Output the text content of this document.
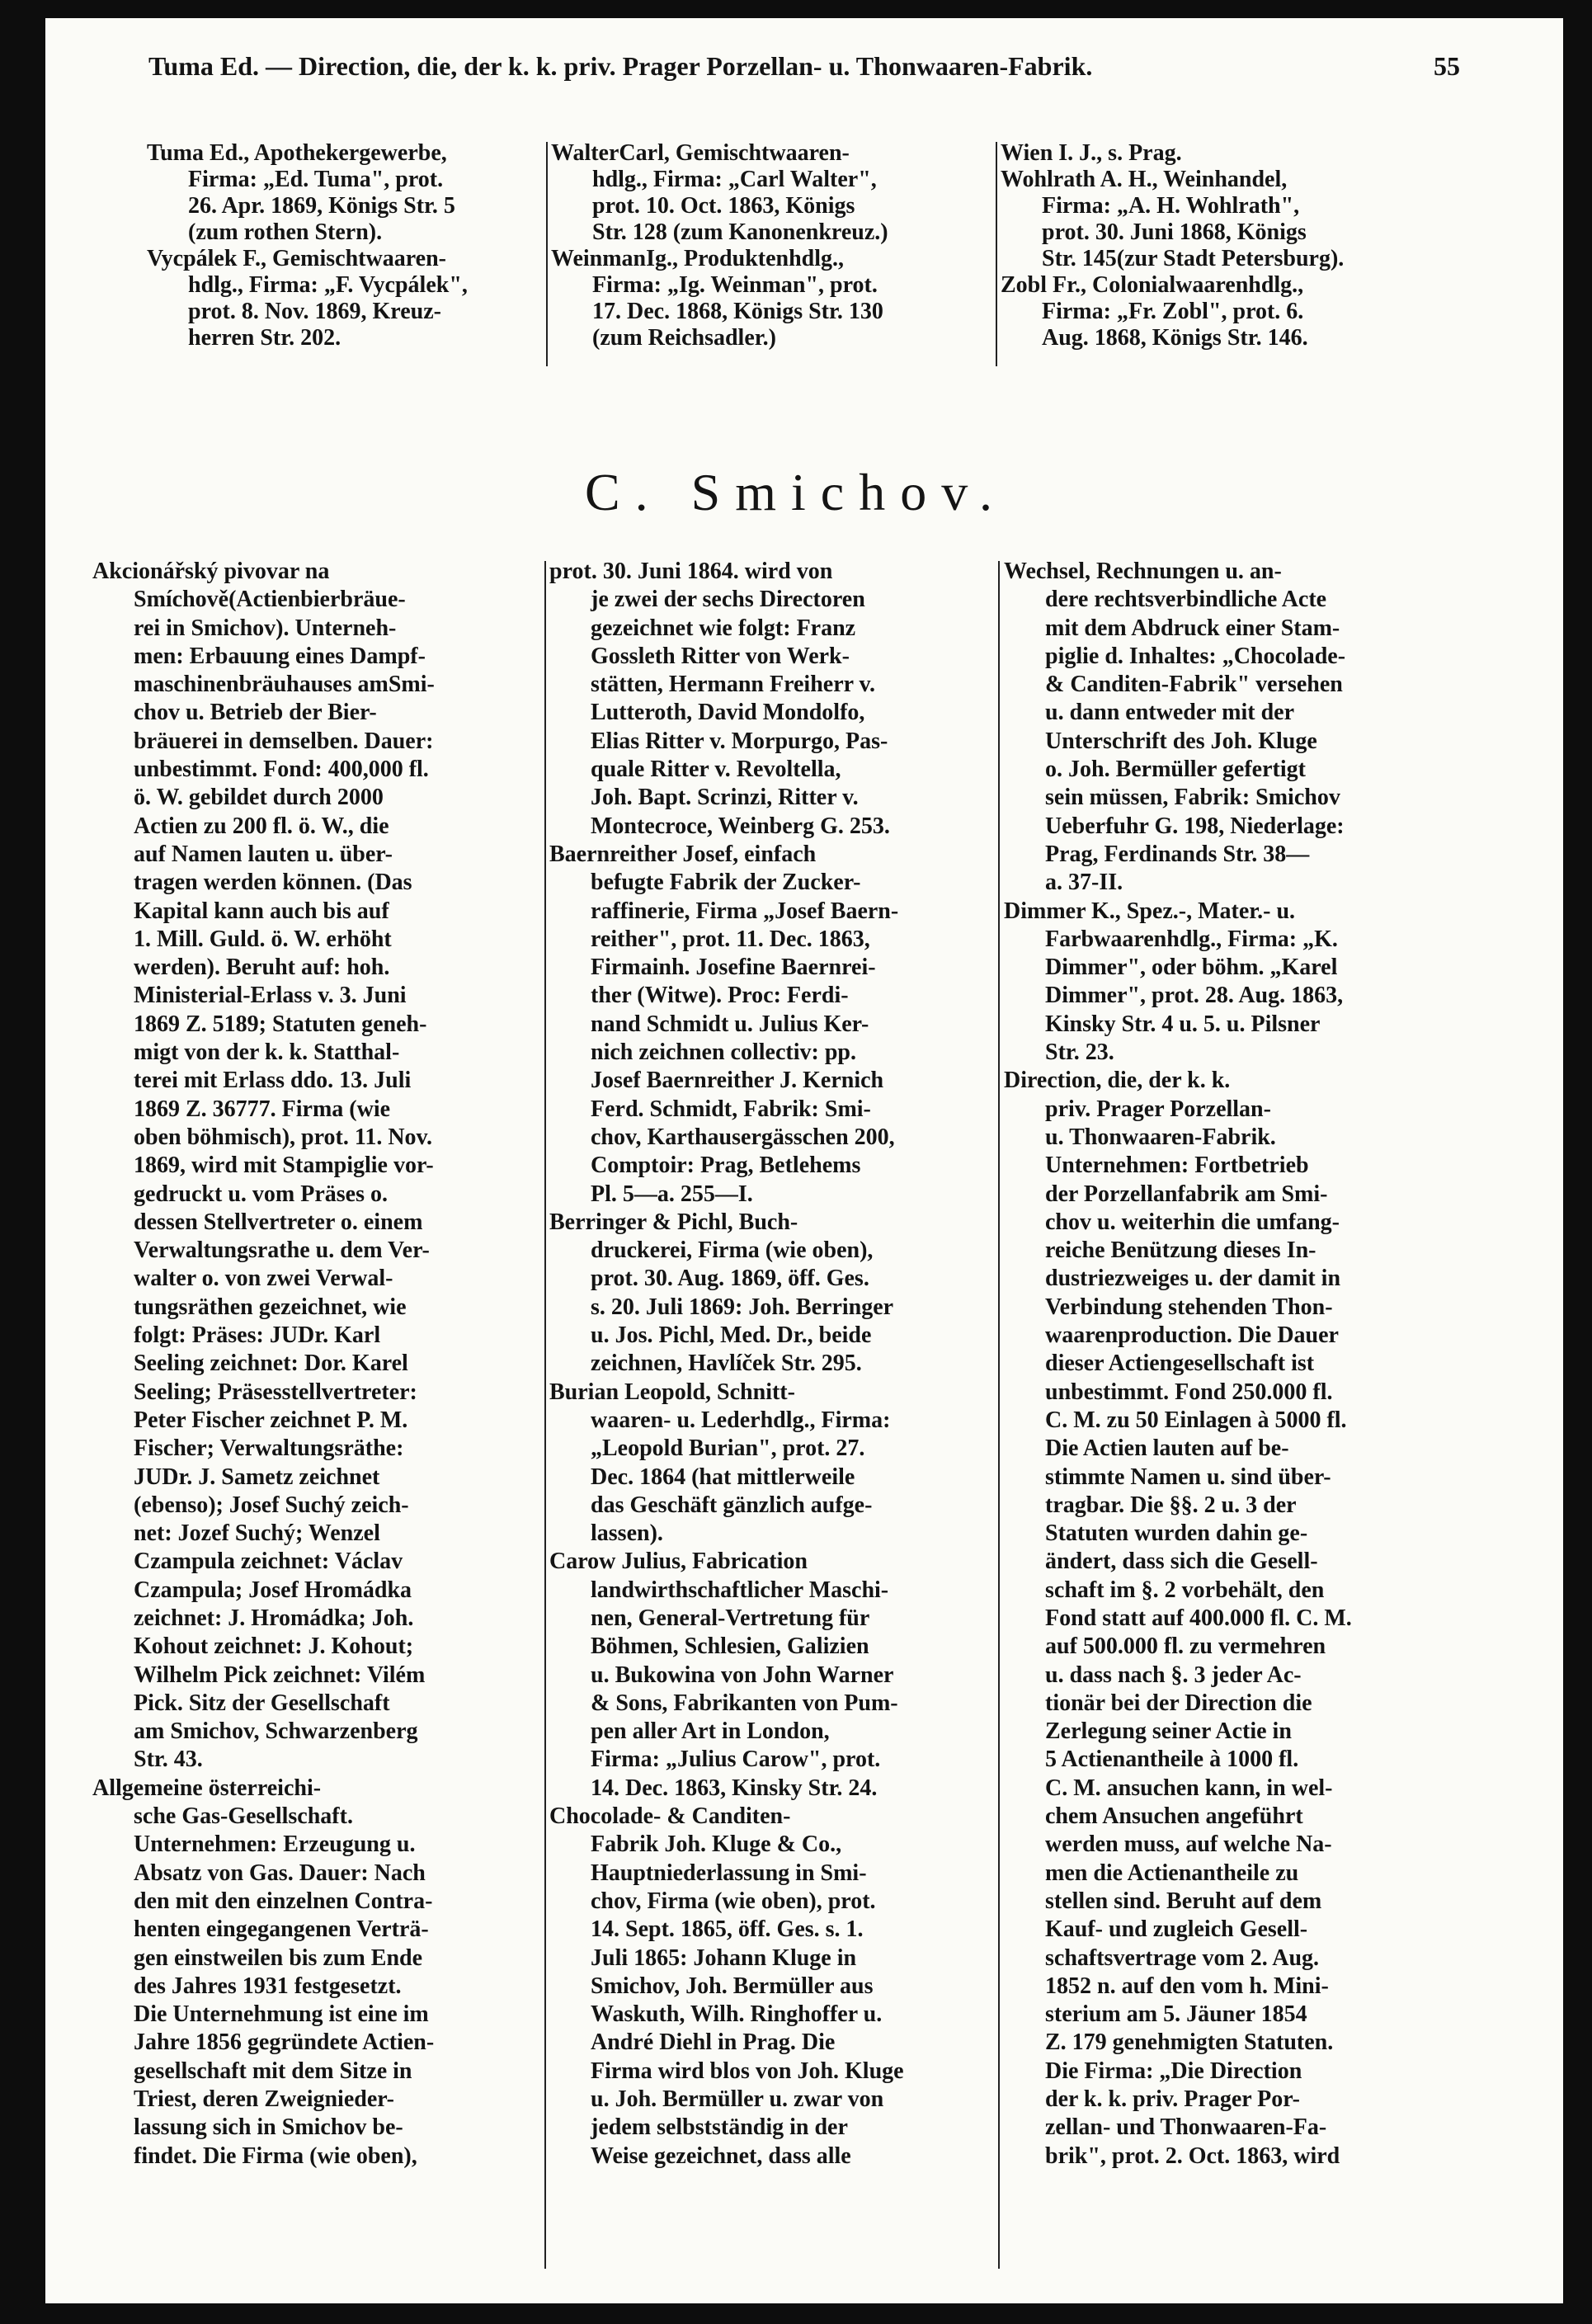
Tuma Ed. — Direction, die, der k. k. priv. Prager Porzellan- u. Thonwaaren-Fabrik.	55
Tuma Ed., Apothekergewerbe,
Firma: „Ed. Tuma", prot.
26. Apr. 1869, Königs Str. 5
(zum rothen Stern).
Vycpálek F., Gemischtwaaren-
hdlg., Firma: „F. Vycpálek",
prot. 8. Nov. 1869, Kreuz-
herren Str. 202.
WalterCarl, Gemischtwaaren-
hdlg., Firma: „Carl Walter",
prot. 10. Oct. 1863, Königs
Str. 128 (zum Kanonenkreuz.)
WeinmanIg., Produktenhdlg.,
Firma: „Ig. Weinman", prot.
17. Dec. 1868, Königs Str. 130
(zum Reichsadler.)
Wien I. J., s. Prag.
Wohlrath A. H., Weinhandel,
Firma: „A. H. Wohlrath",
prot. 30. Juni 1868, Königs
Str. 145(zur Stadt Petersburg).
Zobl Fr., Colonialwaarenhdlg.,
Firma: „Fr. Zobl", prot. 6.
Aug. 1868, Königs Str. 146.
C. Smichov.
Akcionářský pivovar na
Smíchově(Actienbierbräue-
rei in Smichov). Unterneh-
men: Erbauung eines Dampf-
maschinenbräuhauses amSmi-
chov u. Betrieb der Bier-
bräuerei in demselben. Dauer:
unbestimmt. Fond: 400,000 fl.
ö. W. gebildet durch 2000
Actien zu 200 fl. ö. W., die
auf Namen lauten u. über-
tragen werden können. (Das
Kapital kann auch bis auf
1. Mill. Guld. ö. W. erhöht
werden). Beruht auf: hoh.
Ministerial-Erlass v. 3. Juni
1869 Z. 5189; Statuten geneh-
migt von der k. k. Statthal-
terei mit Erlass ddo. 13. Juli
1869 Z. 36777. Firma (wie
oben böhmisch), prot. 11. Nov.
1869, wird mit Stampiglie vor-
gedruckt u. vom Präses o.
dessen Stellvertreter o. einem
Verwaltungsrathe u. dem Ver-
walter o. von zwei Verwal-
tungsräthen gezeichnet, wie
folgt: Präses: JUDr. Karl
Seeling zeichnet: Dor. Karel
Seeling; Präsesstellvertreter:
Peter Fischer zeichnet P. M.
Fischer; Verwaltungsräthe:
JUDr. J. Sametz zeichnet
(ebenso); Josef Suchý zeich-
net: Jozef Suchý; Wenzel
Czampula zeichnet: Václav
Czampula; Josef Hromádka
zeichnet: J. Hromádka; Joh.
Kohout zeichnet: J. Kohout;
Wilhelm Pick zeichnet: Vilém
Pick. Sitz der Gesellschaft
am Smichov, Schwarzenberg
Str. 43.
Allgemeine österreichi-
sche Gas-Gesellschaft.
Unternehmen: Erzeugung u.
Absatz von Gas. Dauer: Nach
den mit den einzelnen Contra-
henten eingegangenen Verträ-
gen einstweilen bis zum Ende
des Jahres 1931 festgesetzt.
Die Unternehmung ist eine im
Jahre 1856 gegründete Actien-
gesellschaft mit dem Sitze in
Triest, deren Zweignieder-
lassung sich in Smichov be-
findet. Die Firma (wie oben),
prot. 30. Juni 1864. wird von
je zwei der sechs Directoren
gezeichnet wie folgt: Franz
Gossleth Ritter von Werk-
stätten, Hermann Freiherr v.
Lutteroth, David Mondolfo,
Elias Ritter v. Morpurgo, Pas-
quale Ritter v. Revoltella,
Joh. Bapt. Scrinzi, Ritter v.
Montecroce, Weinberg G. 253.
Baernreither Josef, einfach
befugte Fabrik der Zucker-
raffinerie, Firma „Josef Baern-
reither", prot. 11. Dec. 1863,
Firmainh. Josefine Baernrei-
ther (Witwe). Proc: Ferdi-
nand Schmidt u. Julius Ker-
nich zeichnen collectiv: pp.
Josef Baernreither J. Kernich
Ferd. Schmidt, Fabrik: Smi-
chov, Karthausergässchen 200,
Comptoir: Prag, Betlehems
Pl. 5—a. 255—I.
Berringer & Pichl, Buch-
druckerei, Firma (wie oben),
prot. 30. Aug. 1869, öff. Ges.
s. 20. Juli 1869: Joh. Berringer
u. Jos. Pichl, Med. Dr., beide
zeichnen, Havlíček Str. 295.
Burian Leopold, Schnitt-
waaren- u. Lederhdlg., Firma:
„Leopold Burian", prot. 27.
Dec. 1864 (hat mittlerweile
das Geschäft gänzlich aufge-
lassen).
Carow Julius, Fabrication
landwirthschaftlicher Maschi-
nen, General-Vertretung für
Böhmen, Schlesien, Galizien
u. Bukowina von John Warner
& Sons, Fabrikanten von Pum-
pen aller Art in London,
Firma: „Julius Carow", prot.
14. Dec. 1863, Kinsky Str. 24.
Chocolade- & Canditen-
Fabrik Joh. Kluge & Co.,
Hauptniederlassung in Smi-
chov, Firma (wie oben), prot.
14. Sept. 1865, öff. Ges. s. 1.
Juli 1865: Johann Kluge in
Smichov, Joh. Bermüller aus
Waskuth, Wilh. Ringhoffer u.
André Diehl in Prag. Die
Firma wird blos von Joh. Kluge
u. Joh. Bermüller u. zwar von
jedem selbstständig in der
Weise gezeichnet, dass alle
Wechsel, Rechnungen u. an-
dere rechtsverbindliche Acte
mit dem Abdruck einer Stam-
piglie d. Inhaltes: „Chocolade-
& Canditen-Fabrik" versehen
u. dann entweder mit der
Unterschrift des Joh. Kluge
o. Joh. Bermüller gefertigt
sein müssen, Fabrik: Smichov
Ueberfuhr G. 198, Niederlage:
Prag, Ferdinands Str. 38—
a. 37-II.
Dimmer K., Spez.-, Mater.- u.
Farbwaarenhdlg., Firma: „K.
Dimmer", oder böhm. „Karel
Dimmer", prot. 28. Aug. 1863,
Kinsky Str. 4 u. 5. u. Pilsner
Str. 23.
Direction, die, der k. k.
priv. Prager Porzellan-
u. Thonwaaren-Fabrik.
Unternehmen: Fortbetrieb
der Porzellanfabrik am Smi-
chov u. weiterhin die umfang-
reiche Benützung dieses In-
dustriezweiges u. der damit in
Verbindung stehenden Thon-
waarenproduction. Die Dauer
dieser Actiengesellschaft ist
unbestimmt. Fond 250.000 fl.
C. M. zu 50 Einlagen à 5000 fl.
Die Actien lauten auf be-
stimmte Namen u. sind über-
tragbar. Die §§. 2 u. 3 der
Statuten wurden dahin ge-
ändert, dass sich die Gesell-
schaft im §. 2 vorbehält, den
Fond statt auf 400.000 fl. C. M.
auf 500.000 fl. zu vermehren
u. dass nach §. 3 jeder Ac-
tionär bei der Direction die
Zerlegung seiner Actie in
5 Actienantheile à 1000 fl.
C. M. ansuchen kann, in wel-
chem Ansuchen angeführt
werden muss, auf welche Na-
men die Actienantheile zu
stellen sind. Beruht auf dem
Kauf- und zugleich Gesell-
schaftsvertrage vom 2. Aug.
1852 n. auf den vom h. Mini-
sterium am 5. Jäuner 1854
Z. 179 genehmigten Statuten.
Die Firma: „Die Direction
der k. k. priv. Prager Por-
zellan- und Thonwaaren-Fa-
brik", prot. 2. Oct. 1863, wird
